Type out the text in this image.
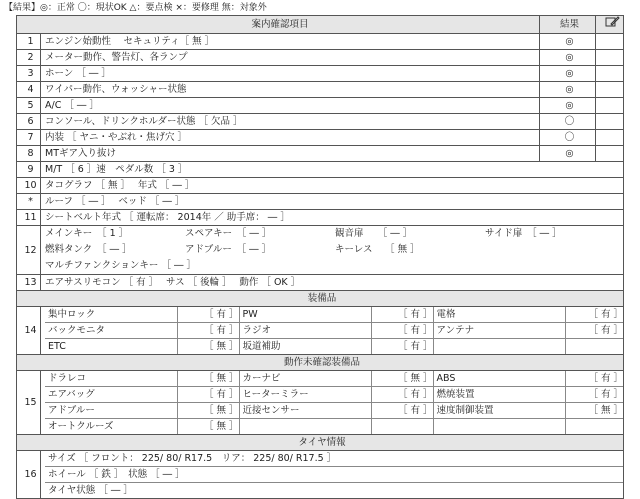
【結果】◎：正常 〇：現状OK △：要点検 ×：要修理 無：対象外
案内確認項目	結果	
1	エンジン始動性　 セキュリティ［ 無 ］	◎	
2	メーター動作、警告灯、各ランプ	◎	
3	ホーン ［ ― ］	◎	
4	ワイパー動作、ウォッシャー状態	◎	
5	A/C ［ ― ］	◎	
6	コンソール、ドリンクホルダー状態 ［ 欠品 ］	〇	
7	内装 ［ ヤニ・やぶれ・焦げ穴 ］	〇	
8	MTギア入り抜け	◎	
9	M/T ［ 6 ］速　ペダル数 ［ 3 ］
10	タコグラフ ［ 無 ］　 年式 ［ ― ］
*	ルーフ ［ ― ］　 ベッド ［ ― ］
11	シートベルト年式 ［ 運転席： 2014年 ／ 助手席： ― ］
12	
メインキー　［ 1 ］	スペアキー　［ ― ］	観音扉　　［ ― ］	サイド扉　［ ― ］
燃料タンク　［ ― ］	アドブルー　［ ― ］	キーレス　 ［ 無 ］
マルチファンクションキー ［ ― ］

13	エアサスリモコン ［ 有 ］　 サス ［ 後輪 ］　 動作 ［ OK ］
装備品
14	
集中ロック	［ 有 ］	PW	［ 有 ］	電格	［ 有 ］
バックモニタ	［ 有 ］	ラジオ	［ 有 ］	アンテナ	［ 有 ］
ETC	［ 無 ］	坂道補助	［ 有 ］		

動作未確認装備品
15	
ドラレコ	［ 無 ］	カーナビ	［ 無 ］	ABS	［ 有 ］
エアバッグ	［ 有 ］	ヒーターミラー	［ 有 ］	燃焼装置	［ 有 ］
アドブルー	［ 無 ］	近接センサー	［ 有 ］	速度制御装置	［ 無 ］
オートクルーズ	［ 無 ］				

タイヤ情報
16	
サイズ ［ フロント： 225/ 80/ R17.5　リア： 225/ 80/ R17.5 ］
ホイール ［ 鉄 ］　状態 ［ ― ］
タイヤ状態 ［ ― ］
